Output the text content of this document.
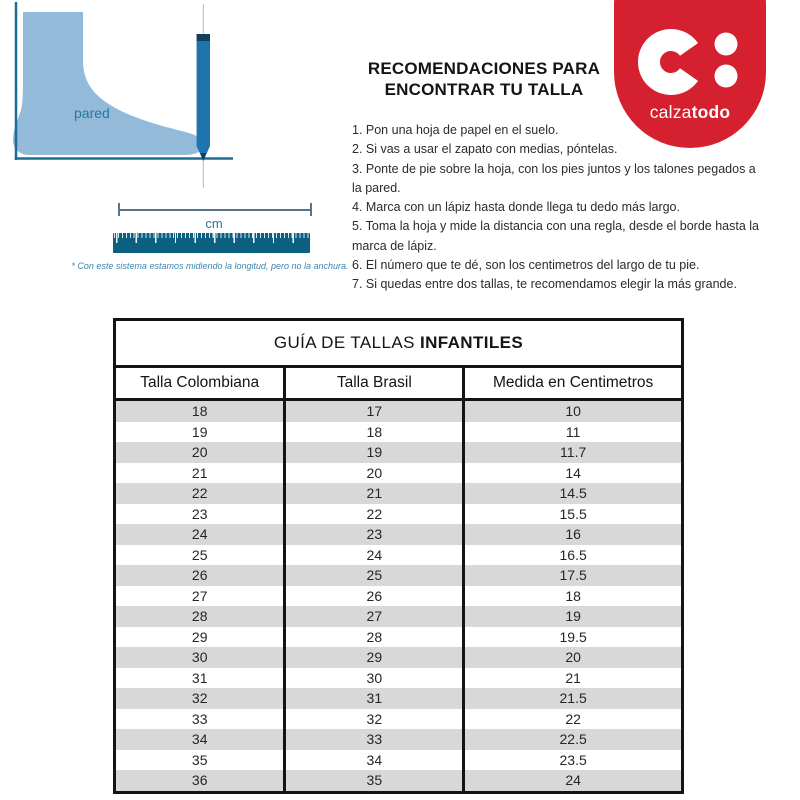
pared
cm
* Con este sistema estamos midiendo la longitud, pero no la anchura.
RECOMENDACIONES PARA
ENCONTRAR TU TALLA
1. Pon una hoja de papel en el suelo.
2. Si vas a usar el zapato con medias, póntelas.
3. Ponte de pie sobre la hoja, con los pies juntos y los talones pegados a la pared.
4. Marca con un lápiz hasta donde llega tu dedo más largo.
5. Toma la hoja y mide la distancia con una regla, desde el borde hasta la marca de lápiz.
6. El número que te dé, son los centimetros del largo de tu pie.
7. Si quedas entre dos tallas, te recomendamos elegir la más grande.
calzatodo
GUÍA DE TALLAS INFANTILES		
Talla Colombiana	Talla Brasil	Medida en Centimetros
18	17	10
19	18	11
20	19	11.7
21	20	14
22	21	14.5
23	22	15.5
24	23	16
25	24	16.5
26	25	17.5
27	26	18
28	27	19
29	28	19.5
30	29	20
31	30	21
32	31	21.5
33	32	22
34	33	22.5
35	34	23.5
36	35	24
